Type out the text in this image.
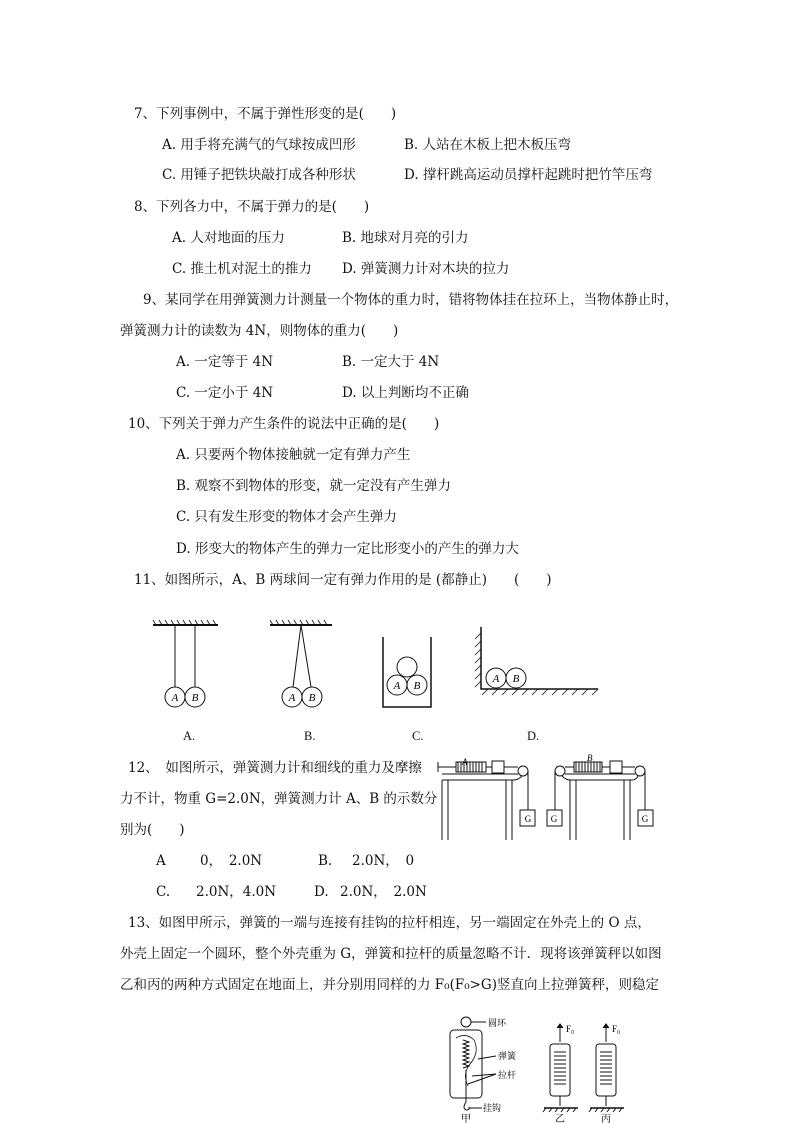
7、下列事例中，不属于弹性形变的是(　　)
A. 用手将充满气的气球按成凹形	B. 人站在木板上把木板压弯
C. 用锤子把铁块敲打成各种形状	D. 撑杆跳高运动员撑杆起跳时把竹竿压弯
8、下列各力中，不属于弹力的是(　　)
A. 人对地面的压力	B. 地球对月亮的引力
C. 推土机对泥土的推力 D. 弹簧测力计对木块的拉力
9、某同学在用弹簧测力计测量一个物体的重力时，错将物体挂在拉环上，当物体静止时，
弹簧测力计的读数为 4N，则物体的重力(　　)
A. 一定等于 4N	B. 一定大于 4N
C. 一定小于 4N	D. 以上判断均不正确
10、下列关于弹力产生条件的说法中正确的是(　　)
A. 只要两个物体接触就一定有弹力产生
B. 观察不到物体的形变，就一定没有产生弹力
C. 只有发生形变的物体才会产生弹力
D. 形变大的物体产生的弹力一定比形变小的产生的弹力大
11、如图所示，A、B 两球间一定有弹力作用的是 (都静止)　　(　　)
A B	A B
A B
A B
A.	B.	C.	D.
12、　如图所示，弹簧测力计和细线的重力及摩擦
力不计，物重 G=2.0N，弹簧测力计 A、B 的示数分
别为(　　)
A	0，　2.0N	B. 2.0N，　0
C. 2.0N，4.0N	D. 2.0N，　2.0N
A
G
B
G	G
13、如图甲所示，弹簧的一端与连接有挂钩的拉杆相连，另一端固定在外壳上的 O 点，
外壳上固定一个圆环，整个外壳重为 G，弹簧和拉杆的质量忽略不计．现将该弹簧秤以如图
乙和丙的两种方式固定在地面上，并分别用同样的力 F₀(F₀>G)竖直向上拉弹簧秤，则稳定
圆环
弹簧
拉杆
挂钩
甲
F₀
乙
F₀
丙
